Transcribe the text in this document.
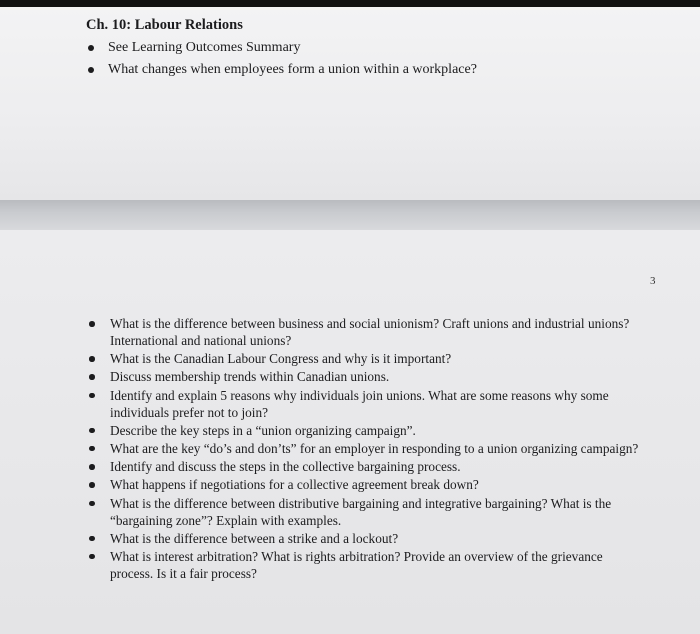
Ch. 10: Labour Relations
See Learning Outcomes Summary
What changes when employees form a union within a workplace?
3
What is the difference between business and social unionism? Craft unions and industrial unions? International and national unions?
What is the Canadian Labour Congress and why is it important?
Discuss membership trends within Canadian unions.
Identify and explain 5 reasons why individuals join unions. What are some reasons why some individuals prefer not to join?
Describe the key steps in a “union organizing campaign”.
What are the key “do’s and don’ts” for an employer in responding to a union organizing campaign?
Identify and discuss the steps in the collective bargaining process.
What happens if negotiations for a collective agreement break down?
What is the difference between distributive bargaining and integrative bargaining? What is the “bargaining zone”? Explain with examples.
What is the difference between a strike and a lockout?
What is interest arbitration? What is rights arbitration? Provide an overview of the grievance process. Is it a fair process?
